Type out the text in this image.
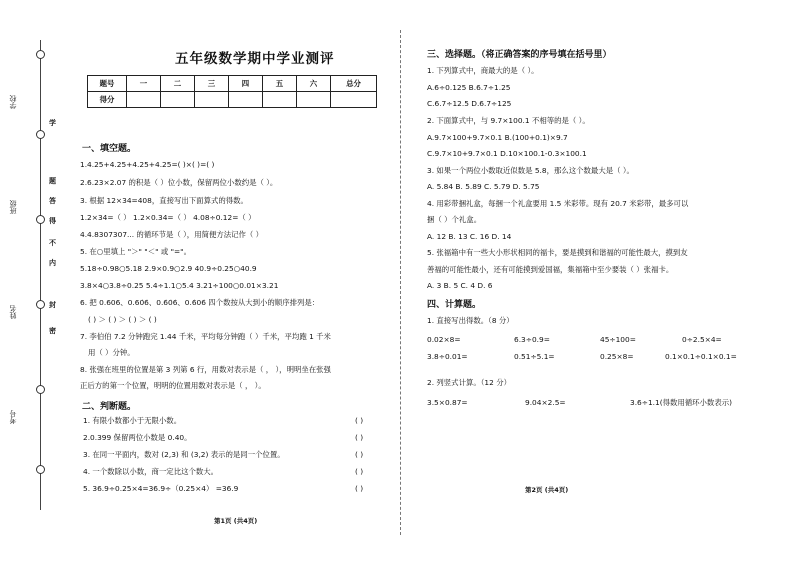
学
题
答
得
不
内
封
密
学校
班级
姓名
考号
五年级数学期中学业测评
题号	一	二	三	四	五	六	总分
得分							
一、填空题。
1.4.25+4.25+4.25+4.25=( )×( )=( )
2.6.23×2.07 的积是（ ）位小数，保留两位小数约是（ ）。
3. 根据 12×34=408，直接写出下面算式的得数。
1.2×34=（ ） 1.2×0.34=（ ） 4.08÷0.12=（ ）
4.4.8307307... 的循环节是（ ），用简便方法记作（ ）
5. 在○里填上 "＞" "＜" 或 "="。
5.18÷0.98○5.18 2.9×0.9○2.9 40.9÷0.25○40.9
3.8×4○3.8÷0.25 5.4÷1.1○5.4 3.21÷100○0.01×3.21
6. 把 0.606、0.60̇6̇、0.6̇0̇6̇、0.6̇06̇ 四个数按从大到小的顺序排列是：
( ) ＞ ( ) ＞ ( ) ＞ ( )
7. 李伯伯 7.2 分钟跑完 1.44 千米，平均每分钟跑（ ）千米，平均跑 1 千米
用（ ）分钟。
8. 张强在班里的位置是第 3 列第 6 行，用数对表示是（ ， ），明明坐在张强
正后方的第一个位置，明明的位置用数对表示是（ ， ）。
二、判断题。
1. 有限小数都小于无限小数。
2.0.399 保留两位小数是 0.40。
3. 在同一平面内，数对 (2,3) 和 (3,2) 表示的是同一个位置。
4. 一个数除以小数，商一定比这个数大。
5. 36.9÷0.25×4=36.9÷（0.25×4） =36.9
( )
( )
( )
( )
( )
第1页 (共4页)
三、选择题。（将正确答案的序号填在括号里）
1. 下列算式中，商最大的是（ ）。
A.6÷0.125 B.6.7÷1.25
C.6.7÷12.5 D.6.7÷125
2. 下面算式中，与 9.7×100.1 不相等的是（ ）。
A.9.7×100+9.7×0.1 B.(100+0.1)×9.7
C.9.7×10+9.7×0.1 D.10×100.1-0.3×100.1
3. 如果一个两位小数取近似数是 5.8，那么这个数最大是（ ）。
A. 5.84 B. 5.89 C. 5.79 D. 5.75
4. 用彩带捆礼盒，每捆一个礼盒要用 1.5 米彩带。现有 20.7 米彩带，最多可以
捆（ ）个礼盒。
A. 12 B. 13 C. 16 D. 14
5. 张福箱中有一些大小形状相同的福卡，要是摸到和谐福的可能性最大，摸到友
善福的可能性最小，还有可能摸到爱国福，集福箱中至少要装（ ）张福卡。
A. 3 B. 5 C. 4 D. 6
四、计算题。
1. 直接写出得数。（8 分）
0.02×8=	6.3÷0.9=	45÷100=	0÷2.5×4=
3.8÷0.01=	0.51÷5.1=	0.25×8=	0.1×0.1÷0.1×0.1=
2. 列竖式计算。（12 分）
3.5×0.87=	9.04×2.5=	3.6÷1.1(得数用循环小数表示)
第2页 (共4页)
